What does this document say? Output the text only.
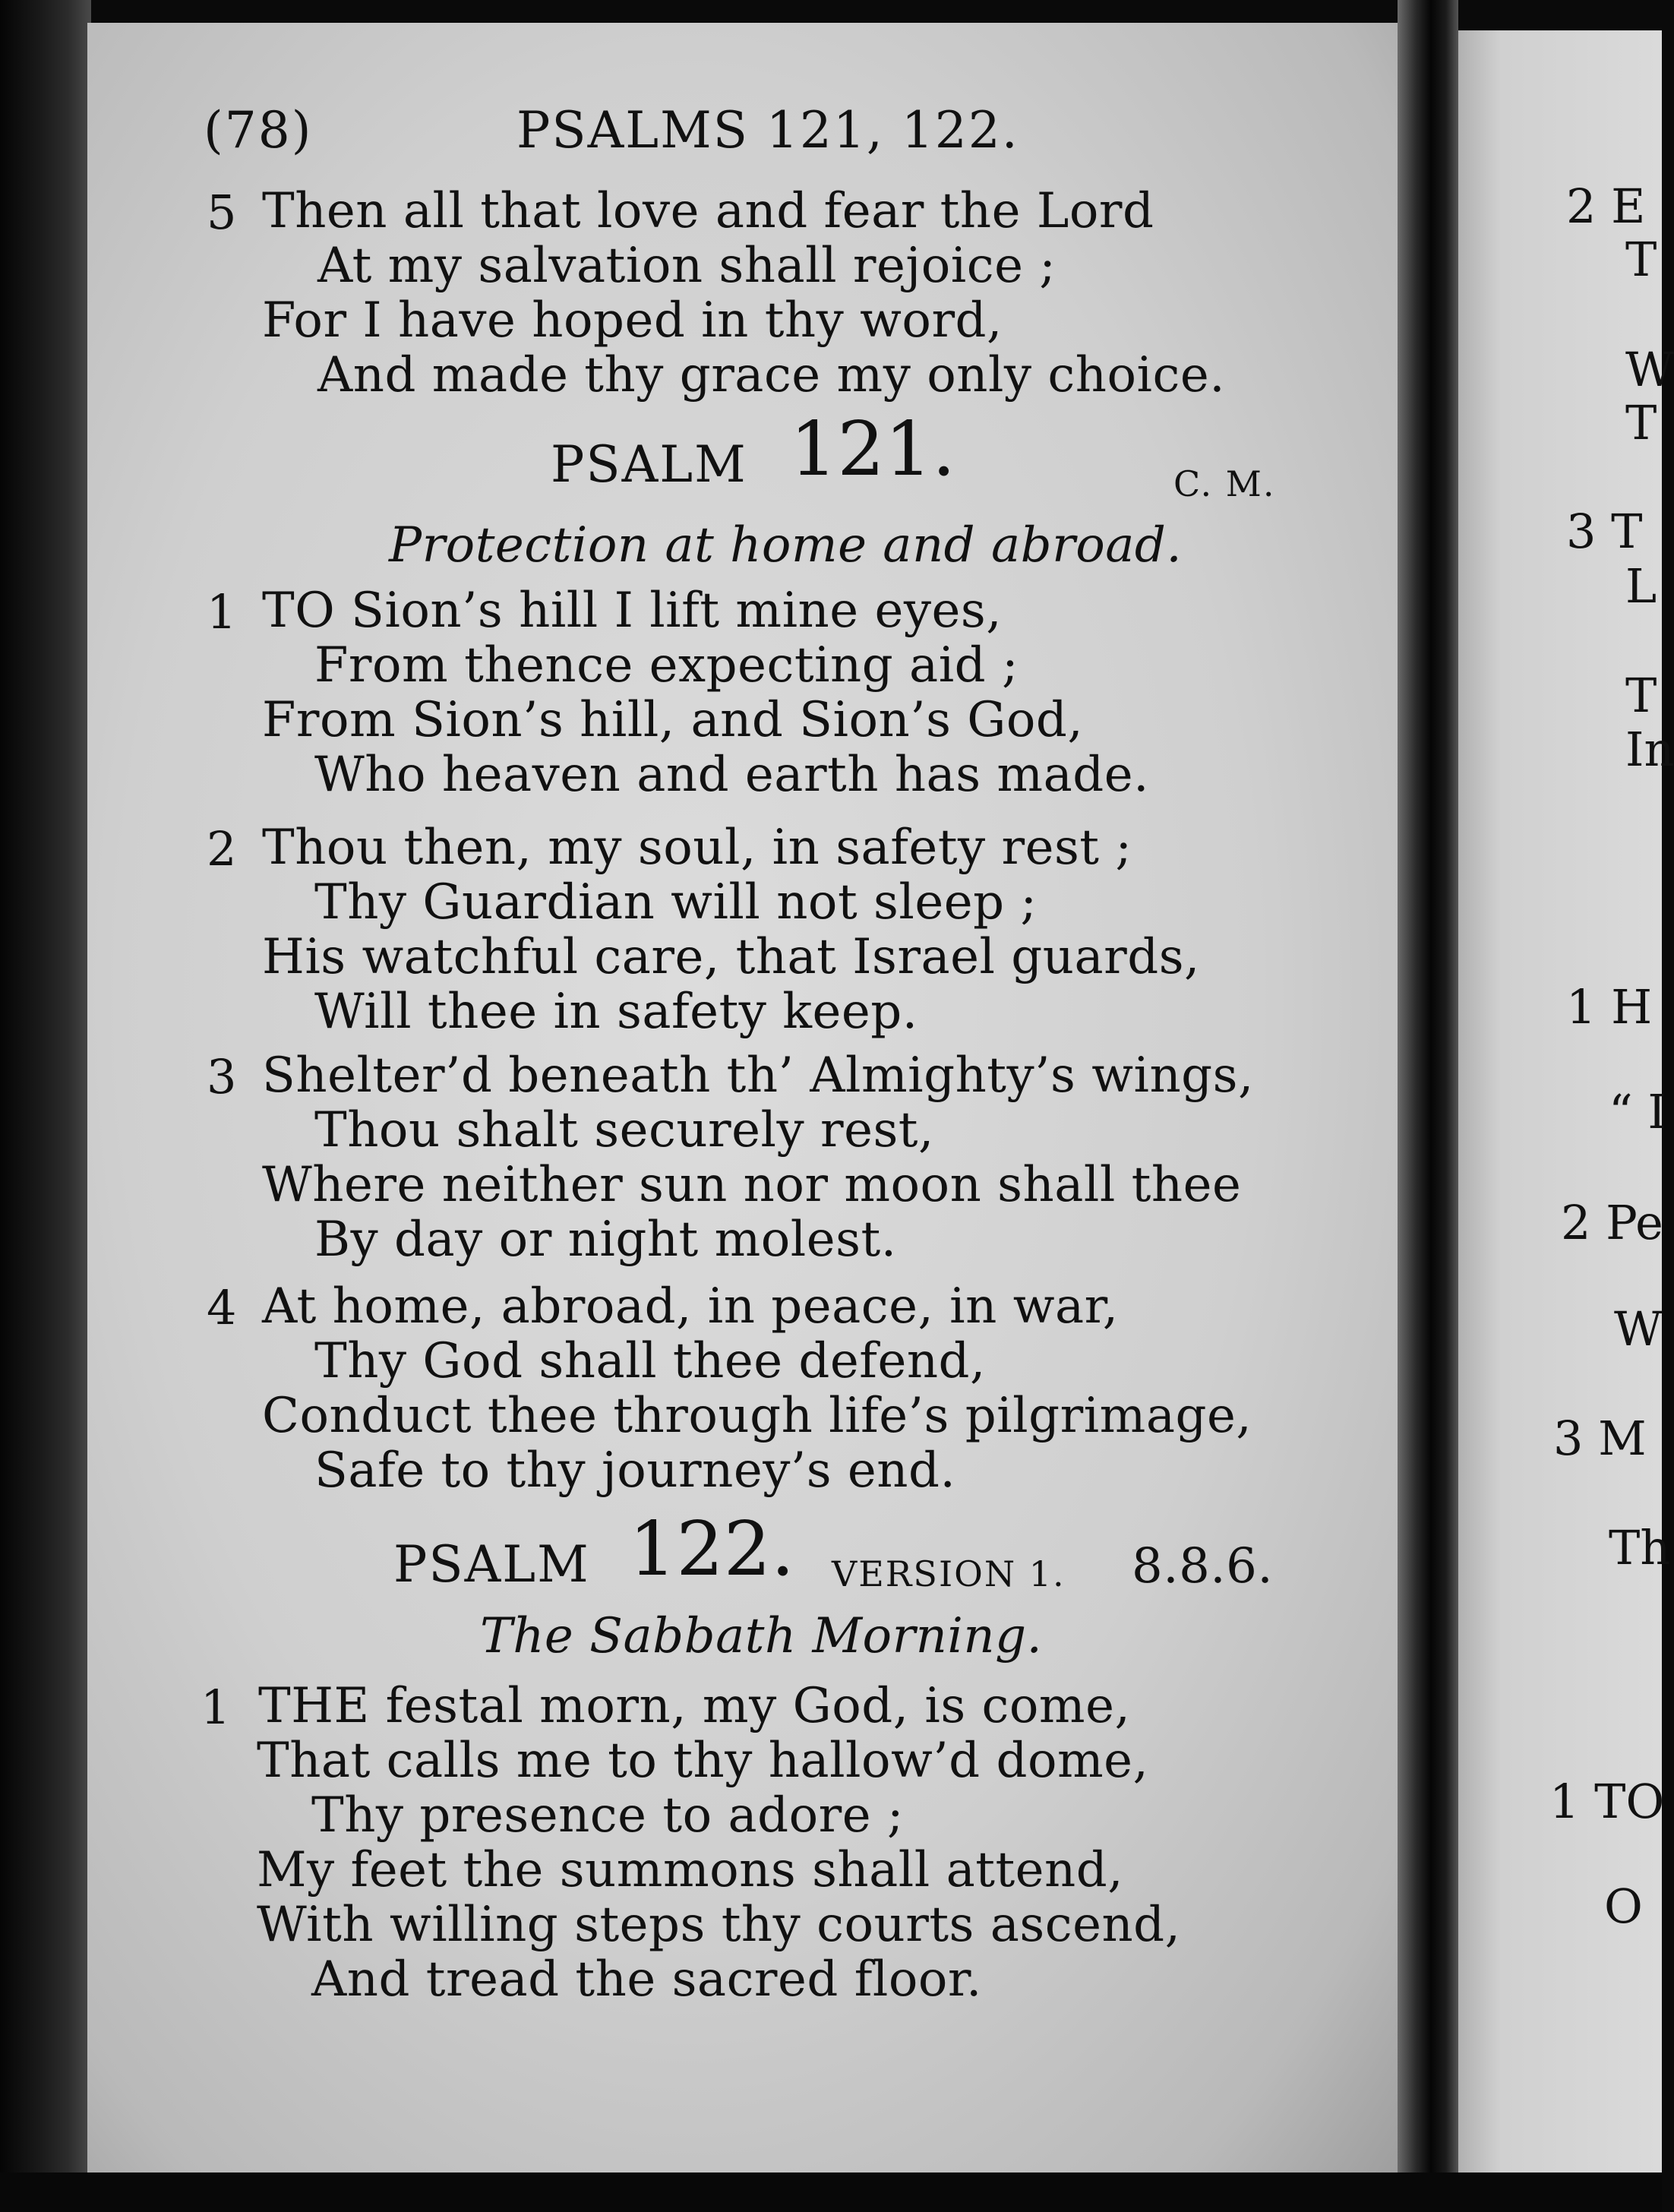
(78)	PSALMS 121, 122.
5 Then all that love and fear the Lord
At my salvation shall rejoice ;
For I have hoped in thy word,
And made thy grace my only choice.
PSALM 121.	C. M.
Protection at home and abroad.
1 TO Sion’s hill I lift mine eyes,
From thence expecting aid ;
From Sion’s hill, and Sion’s God,
Who heaven and earth has made.
2 Thou then, my soul, in safety rest ;
Thy Guardian will not sleep ;
His watchful care, that Israel guards,
Will thee in safety keep.
3 Shelter’d beneath th’ Almighty’s wings,
Thou shalt securely rest,
Where neither sun nor moon shall thee
By day or night molest.
4 At home, abroad, in peace, in war,
Thy God shall thee defend,
Conduct thee through life’s pilgrimage,
Safe to thy journey’s end.
PSALM 122. VERSION 1. 8.8.6.
The Sabbath Morning.
1 THE festal morn, my God, is come,
That calls me to thy hallow’d dome,
Thy presence to adore ;
My feet the summons shall attend,
With willing steps thy courts ascend,
And tread the sacred floor.
2 E
T
W
T
3 T
L
T
In
1 H
“ I
2 Pe
W
3 M
Th
1 TO
O
